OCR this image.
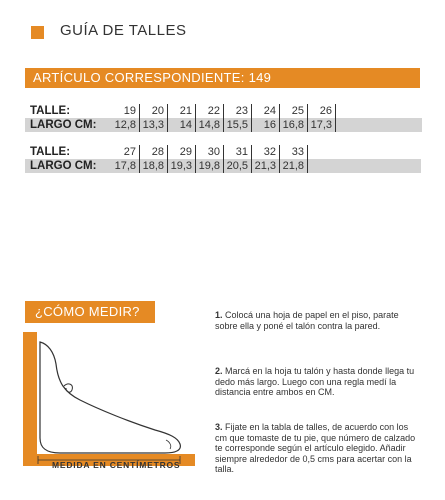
GUÍA DE TALLES
ARTÍCULO CORRESPONDIENTE: 149
TALLE:	19	20	21	22	23	24	25	26	
LARGO CM:	12,8	13,3	14	14,8	15,5	16	16,8	17,3	
TALLE:	27	28	29	30	31	32	33	
LARGO CM:	17,8	18,8	19,3	19,8	20,5	21,3	21,8	
¿CÓMO MEDIR?
P
A
R
E
D
MEDIDA EN CENTÍMETROS
1. Colocá una hoja de papel en el piso, parate sobre ella y poné el talón contra la pared.
2. Marcá en la hoja tu talón y hasta donde llega tu dedo más largo. Luego con una regla medí la distancia entre ambos en CM.
3. Fijate en la tabla de talles, de acuerdo con los cm que tomaste de tu pie, que número de calzado te corresponde según el artículo elegido. Añadir siempre alrededor de 0,5 cms para acertar con la talla.
